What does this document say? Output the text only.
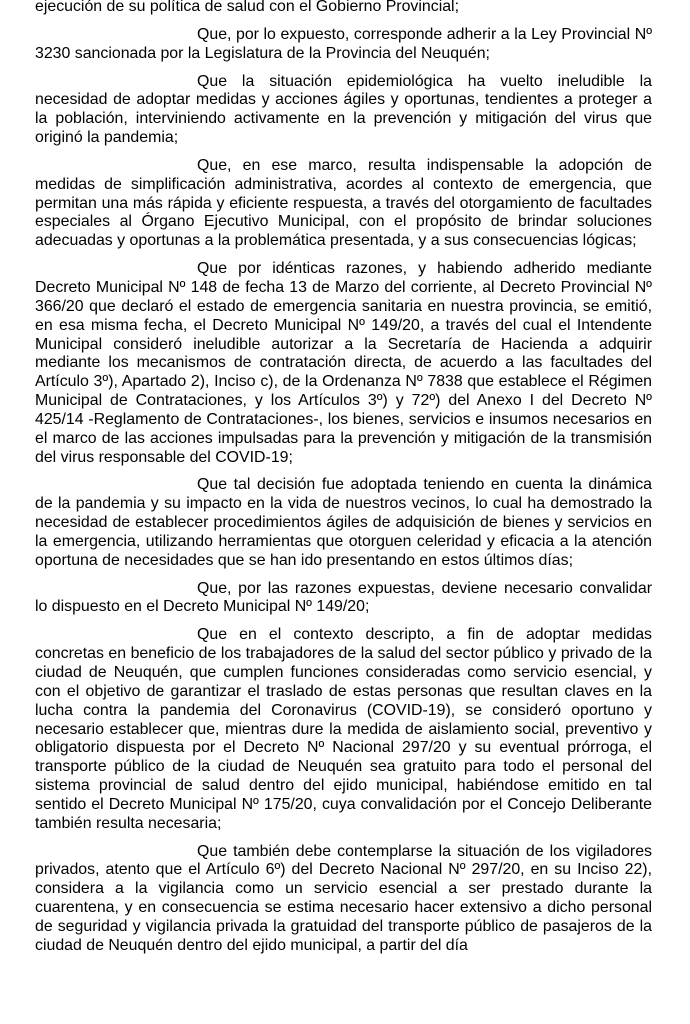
ejecución de su política de salud con el Gobierno Provincial;

Que, por lo expuesto, corresponde adherir a la Ley Provincial Nº 3230 sancionada por la Legislatura de la Provincia del Neuquén;

Que la situación epidemiológica ha vuelto ineludible la necesidad de adoptar medidas y acciones ágiles y oportunas, tendientes a proteger a la población, interviniendo activamente en la prevención y mitigación del virus que originó la pandemia;

Que, en ese marco, resulta indispensable la adopción de medidas de simplificación administrativa, acordes al contexto de emergencia, que permitan una más rápida y eficiente respuesta, a través del otorgamiento de facultades especiales al Órgano Ejecutivo Municipal, con el propósito de brindar soluciones adecuadas y oportunas a la problemática presentada, y a sus consecuencias lógicas;

Que por idénticas razones, y habiendo adherido mediante Decreto Municipal Nº 148 de fecha 13 de Marzo del corriente, al Decreto Provincial Nº 366/20 que declaró el estado de emergencia sanitaria en nuestra provincia, se emitió, en esa misma fecha, el Decreto Municipal Nº 149/20, a través del cual el Intendente Municipal consideró ineludible autorizar a la Secretaría de Hacienda a adquirir mediante los mecanismos de contratación directa, de acuerdo a las facultades del Artículo 3º), Apartado 2), Inciso c), de la Ordenanza Nº 7838 que establece el Régimen Municipal de Contrataciones, y los Artículos 3º) y 72º) del Anexo I del Decreto Nº 425/14 -Reglamento de Contrataciones-, los bienes, servicios e insumos necesarios en el marco de las acciones impulsadas para la prevención y mitigación de la transmisión del virus responsable del COVID-19;

Que tal decisión fue adoptada teniendo en cuenta la dinámica de la pandemia y su impacto en la vida de nuestros vecinos, lo cual ha demostrado la necesidad de establecer procedimientos ágiles de adquisición de bienes y servicios en la emergencia, utilizando herramientas que otorguen celeridad y eficacia a la atención oportuna de necesidades que se han ido presentando en estos últimos días;

Que, por las razones expuestas, deviene necesario convalidar lo dispuesto en el Decreto Municipal Nº 149/20;

Que en el contexto descripto, a fin de adoptar medidas concretas en beneficio de los trabajadores de la salud del sector público y privado de la ciudad de Neuquén, que cumplen funciones consideradas como servicio esencial, y con el objetivo de garantizar el traslado de estas personas que resultan claves en la lucha contra la pandemia del Coronavirus (COVID-19), se consideró oportuno y necesario establecer que, mientras dure la medida de aislamiento social, preventivo y obligatorio dispuesta por el Decreto Nº Nacional 297/20 y su eventual prórroga, el transporte público de la ciudad de Neuquén sea gratuito para todo el personal del sistema provincial de salud dentro del ejido municipal, habiéndose emitido en tal sentido el Decreto Municipal Nº 175/20, cuya convalidación por el Concejo Deliberante también resulta necesaria;

Que también debe contemplarse la situación de los vigiladores privados, atento que el Artículo 6º) del Decreto Nacional Nº 297/20, en su Inciso 22), considera a la vigilancia como un servicio esencial a ser prestado durante la cuarentena, y en consecuencia se estima necesario hacer extensivo a dicho personal de seguridad y vigilancia privada la gratuidad del transporte público de pasajeros de la ciudad de Neuquén dentro del ejido municipal, a partir del día
